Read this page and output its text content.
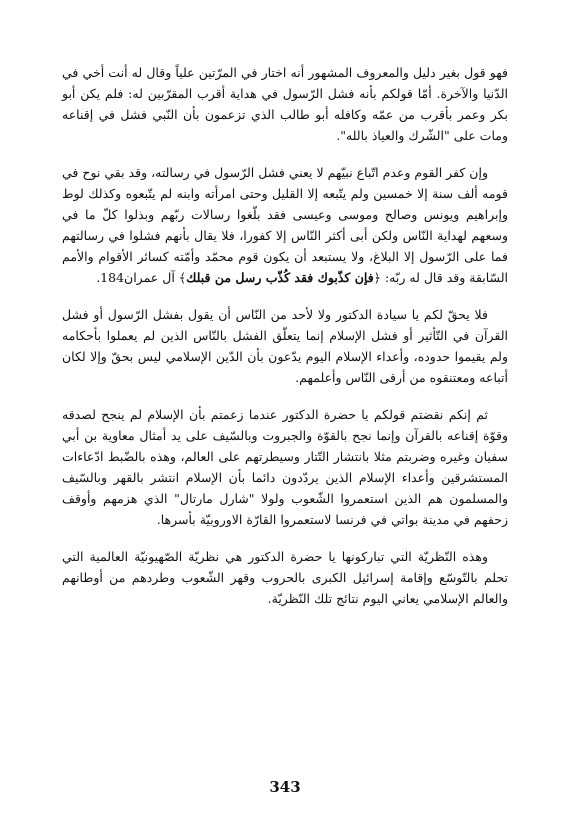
فهو قول بغير دليل والمعروف المشهور أنه اختار في المرّتين علياً وقال له أنت أخي في الدّنيا والآخرة. أمّا قولكم بأنه فشل الرّسول في هداية أقرب المقرّبين له: فلم يكن أبو بكر وعمر بأقرب من عمّه وكافله أبو طالب الذي تزعمون بأن النّبي فشل في إقناعه ومات على "الشّرك والعياذ بالله".

وإن كفر القوم وعدم اتّباع نبيّهم لا يعني فشل الرّسول في رسالته، وقد بقي نوح في قومه ألف سنة إلا خمسين ولم يتّبعه إلا القليل وحتى امرأته وابنه لم يتّبعوه وكذلك لوط وإبراهيم ويونس وصالح وموسى وعيسى فقد بلّغوا رسالات ربّهم وبذلوا كلّ ما في وسعهم لهداية النّاس ولكن أبى أكثر النّاس إلا كفورا، فلا يقال بأنهم فشلوا في رسالتهم فما على الرّسول إلا البلاغ، ولا يستبعد أن يكون قوم محمّد وأمّته كسائر الأقوام والأمم السّابقة وقد قال له ربّه: ﴿فإن كذّبوك فقد كُذّب رسل من قبلك﴾ آل عمران184.

فلا يحقّ لكم يا سيادة الدكتور ولا لأحد من النّاس أن يقول بفشل الرّسول أو فشل القرآن في التّأثير أو فشل الإسلام إنما يتعلّق الفشل بالنّاس الذين لم يعملوا بأحكامه ولم يقيموا حدوده، وأعداء الإسلام اليوم يدّعون بأن الدّين الإسلامي ليس بحقّ وإلا لكان أتباعه ومعتنقوه من أرقى النّاس وأعلمهم.

ثم إنكم نقضتم قولكم يا حضرة الدكتور عندما زعمتم بأن الإسلام لم ينجح لصدقه وقوّة إقناعه بالقرآن وإنما نجح بالقوّة والجبروت وبالسّيف على يد أمثال معاوية بن أبي سفيان وغيره وضربتم مثلا بانتشار التّتار وسيطرتهم على العالم، وهذه بالضّبط ادّعاءات المستشرقين وأعداء الإسلام الذين يردّدون دائما بأن الإسلام انتشر بالقهر وبالسّيف والمسلمون هم الذين استعمروا الشّعوب ولولا "شارل مارتال" الذي هزمهم وأوقف زحفهم في مدينة بواتي في فرنسا لاستعمروا القارّة الاوروبيّة بأسرها.

وهذه النّظريّة التي تباركونها يا حضرة الدكتور هي نظريّة الصّهيونيّة العالمية التي تحلم بالتّوسّع وإقامة إسرائيل الكبرى بالحروب وقهر الشّعوب وطردهم من أوطانهم والعالم الإسلامي يعاني اليوم نتائج تلك النّظريّة.

343
